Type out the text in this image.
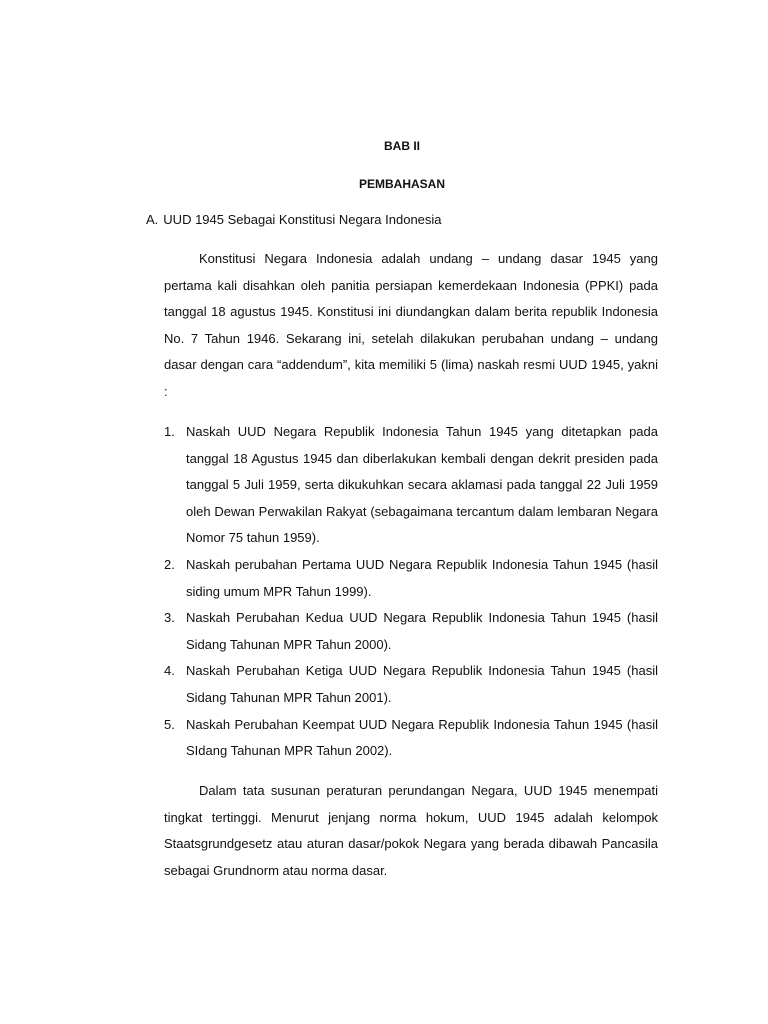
BAB II
PEMBAHASAN
A. UUD 1945 Sebagai Konstitusi Negara Indonesia

Konstitusi Negara Indonesia adalah undang – undang dasar 1945 yang pertama kali disahkan oleh panitia persiapan kemerdekaan Indonesia (PPKI) pada tanggal 18 agustus 1945. Konstitusi ini diundangkan dalam berita republik Indonesia No. 7 Tahun 1946. Sekarang ini, setelah dilakukan perubahan undang – undang dasar dengan cara “addendum”, kita memiliki 5 (lima) naskah resmi UUD 1945, yakni :

1. Naskah UUD Negara Republik Indonesia Tahun 1945 yang ditetapkan pada tanggal 18 Agustus 1945 dan diberlakukan kembali dengan dekrit presiden pada tanggal 5 Juli 1959, serta dikukuhkan secara aklamasi pada tanggal 22 Juli 1959 oleh Dewan Perwakilan Rakyat (sebagaimana tercantum dalam lembaran Negara Nomor 75 tahun 1959).
2. Naskah perubahan Pertama UUD Negara Republik Indonesia Tahun 1945 (hasil siding umum MPR Tahun 1999).
3. Naskah Perubahan Kedua UUD Negara Republik Indonesia Tahun 1945 (hasil Sidang Tahunan MPR Tahun 2000).
4. Naskah Perubahan Ketiga UUD Negara Republik Indonesia Tahun 1945 (hasil Sidang Tahunan MPR Tahun 2001).
5. Naskah Perubahan Keempat UUD Negara Republik Indonesia Tahun 1945 (hasil SIdang Tahunan MPR Tahun 2002).

Dalam tata susunan peraturan perundangan Negara, UUD 1945 menempati tingkat tertinggi. Menurut jenjang norma hokum, UUD 1945 adalah kelompok Staatsgrundgesetz atau aturan dasar/pokok Negara yang berada dibawah Pancasila sebagai Grundnorm atau norma dasar.
